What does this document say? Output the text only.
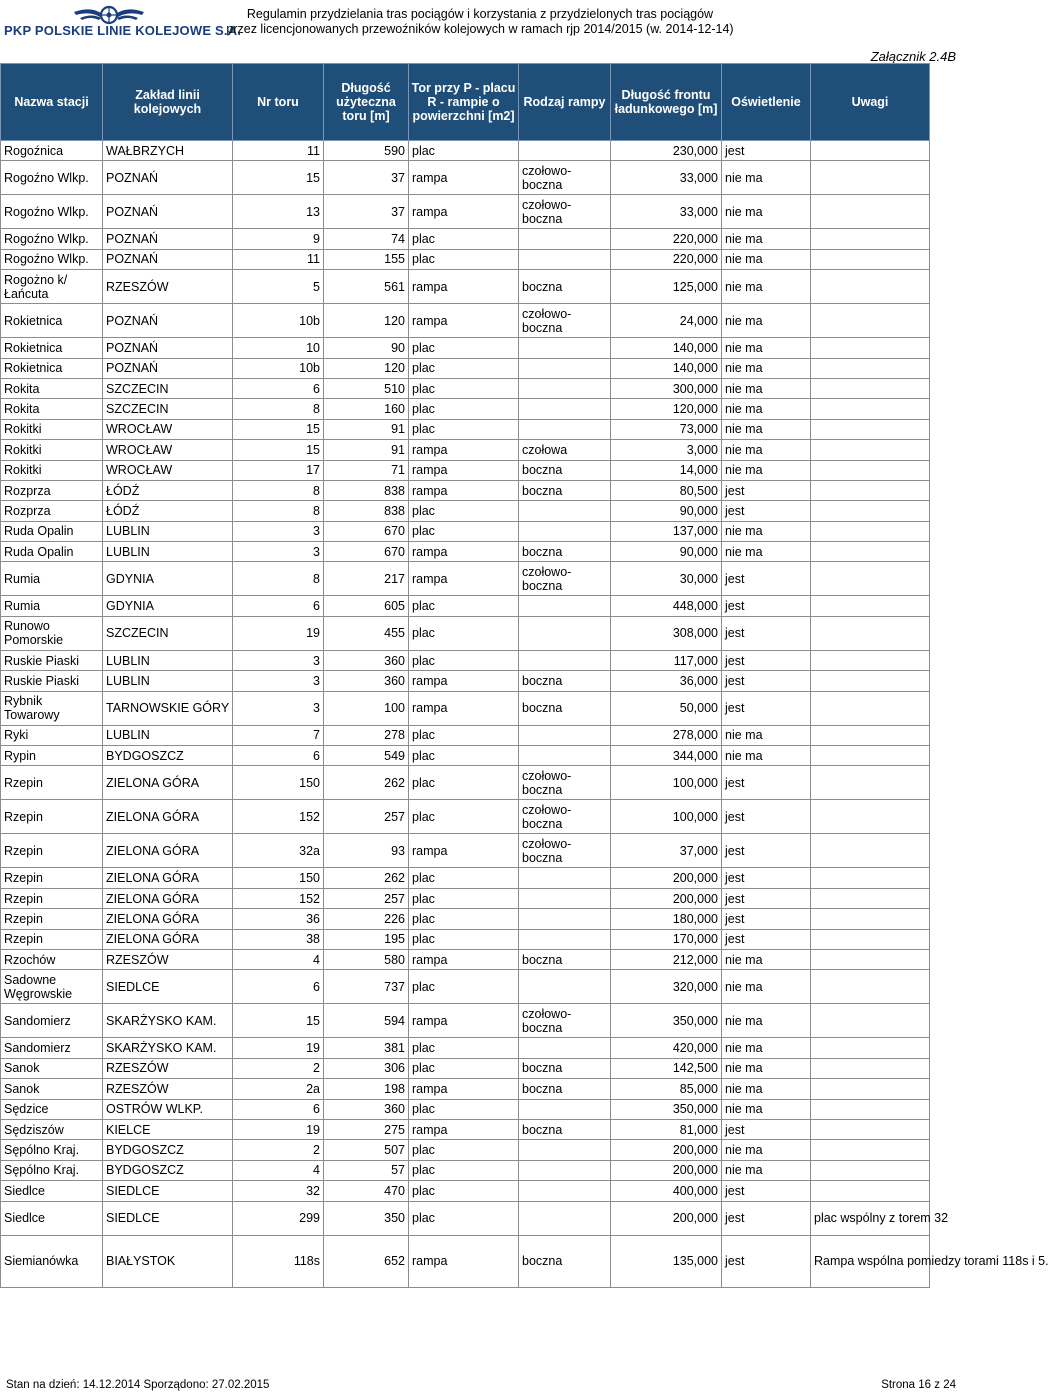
PKP POLSKIE LINIE KOLEJOWE S.A.
Regulamin przydzielania tras pociągów i korzystania z przydzielonych tras pociągów
przez licencjonowanych przewoźników kolejowych w ramach rjp 2014/2015 (w. 2014-12-14)
Załącznik 2.4B
Nazwa stacji	Zakład linii kolejowych	Nr toru	Długość użyteczna toru [m]	Tor przy P - placu R - rampie o powierzchni [m2]	Rodzaj rampy	Długość frontu ładunkowego [m]	Oświetlenie	Uwagi
Rogoźnica	WAŁBRZYCH	11	590	plac		230,000	jest	
Rogoźno Wlkp.	POZNAŃ	15	37	rampa	czołowo-boczna	33,000	nie ma	
Rogoźno Wlkp.	POZNAŃ	13	37	rampa	czołowo-boczna	33,000	nie ma	
Rogoźno Wlkp.	POZNAŃ	9	74	plac		220,000	nie ma	
Rogoźno Wlkp.	POZNAŃ	11	155	plac		220,000	nie ma	
Rogożno k/Łańcuta	RZESZÓW	5	561	rampa	boczna	125,000	nie ma	
Rokietnica	POZNAŃ	10b	120	rampa	czołowo-boczna	24,000	nie ma	
Rokietnica	POZNAŃ	10	90	plac		140,000	nie ma	
Rokietnica	POZNAŃ	10b	120	plac		140,000	nie ma	
Rokita	SZCZECIN	6	510	plac		300,000	nie ma	
Rokita	SZCZECIN	8	160	plac		120,000	nie ma	
Rokitki	WROCŁAW	15	91	plac		73,000	nie ma	
Rokitki	WROCŁAW	15	91	rampa	czołowa	3,000	nie ma	
Rokitki	WROCŁAW	17	71	rampa	boczna	14,000	nie ma	
Rozprza	ŁÓDŹ	8	838	rampa	boczna	80,500	jest	
Rozprza	ŁÓDŹ	8	838	plac		90,000	jest	
Ruda Opalin	LUBLIN	3	670	plac		137,000	nie ma	
Ruda Opalin	LUBLIN	3	670	rampa	boczna	90,000	nie ma	
Rumia	GDYNIA	8	217	rampa	czołowo-boczna	30,000	jest	
Rumia	GDYNIA	6	605	plac		448,000	jest	
Runowo Pomorskie	SZCZECIN	19	455	plac		308,000	jest	
Ruskie Piaski	LUBLIN	3	360	plac		117,000	jest	
Ruskie Piaski	LUBLIN	3	360	rampa	boczna	36,000	jest	
Rybnik Towarowy	TARNOWSKIE GÓRY	3	100	rampa	boczna	50,000	jest	
Ryki	LUBLIN	7	278	plac		278,000	nie ma	
Rypin	BYDGOSZCZ	6	549	plac		344,000	nie ma	
Rzepin	ZIELONA GÓRA	150	262	plac	czołowo-boczna	100,000	jest	
Rzepin	ZIELONA GÓRA	152	257	plac	czołowo-boczna	100,000	jest	
Rzepin	ZIELONA GÓRA	32a	93	rampa	czołowo-boczna	37,000	jest	
Rzepin	ZIELONA GÓRA	150	262	plac		200,000	jest	
Rzepin	ZIELONA GÓRA	152	257	plac		200,000	jest	
Rzepin	ZIELONA GÓRA	36	226	plac		180,000	jest	
Rzepin	ZIELONA GÓRA	38	195	plac		170,000	jest	
Rzochów	RZESZÓW	4	580	rampa	boczna	212,000	nie ma	
Sadowne Węgrowskie	SIEDLCE	6	737	plac		320,000	nie ma	
Sandomierz	SKARŻYSKO KAM.	15	594	rampa	czołowo-boczna	350,000	nie ma	
Sandomierz	SKARŻYSKO KAM.	19	381	plac		420,000	nie ma	
Sanok	RZESZÓW	2	306	plac	boczna	142,500	nie ma	
Sanok	RZESZÓW	2a	198	rampa	boczna	85,000	nie ma	
Sędzice	OSTRÓW WLKP.	6	360	plac		350,000	nie ma	
Sędziszów	KIELCE	19	275	rampa	boczna	81,000	jest	
Sępólno Kraj.	BYDGOSZCZ	2	507	plac		200,000	nie ma	
Sępólno Kraj.	BYDGOSZCZ	4	57	plac		200,000	nie ma	
Siedlce	SIEDLCE	32	470	plac		400,000	jest	
Siedlce	SIEDLCE	299	350	plac		200,000	jest	plac wspólny z torem 32
Siemianówka	BIAŁYSTOK	118s	652	rampa	boczna	135,000	jest	Rampa wspólna pomiedzy torami 118s i 5.
Stan na dzień: 14.12.2014 Sporządono: 27.02.2015	Strona 16 z 24
